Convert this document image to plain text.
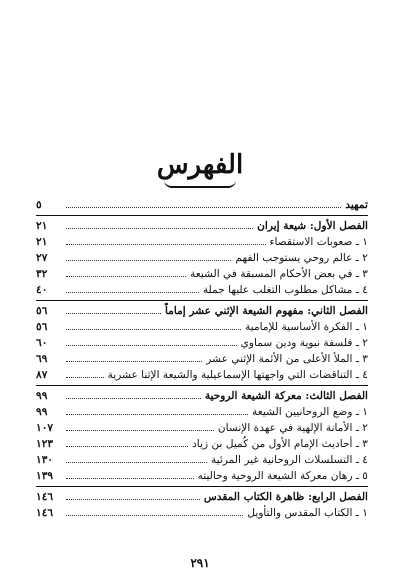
الفهرس
تمهيد
٥
الفصل الأول: شيعة إيران
٢١
١ ـ صعوبات الاستقصاء
٢١
٢ ـ عالم روحي يستوجب الفهم
٢٧
٣ ـ في بعض الأحكام المسبقة في الشيعة
٣٢
٤ ـ مشاكل مطلوب التغلب عليها جملة
٤٠
الفصل الثاني: مفهوم الشيعة الإثني عشر إماماً
٥٦
١ ـ الفكرة الأساسية للإمامية
٥٦
٢ ـ فلسفة نبوية ودين سماوي
٦٠
٣ ـ الملأ الأعلى من الأئمة الإثني عشر
٦٩
٤ ـ التناقضات التي واجهتها الإسماعيلية والشيعة الإثنا عشرية
٨٧
الفصل الثالث: معركة الشيعة الروحية
٩٩
١ ـ وضع الروحانيين الشيعة
٩٩
٢ ـ الأمانة الإلهية في عهدة الإنسان
١٠٧
٣ ـ أحاديث الإمام الأول من كُميل بن زياد
١٢٣
٤ ـ التسلسلات الروحانية غير المرئية
١٣٠
٥ ـ رهان معركة الشيعة الروحية وحاليته
١٣٩
الفصل الرابع: ظاهرة الكتاب المقدس
١٤٦
١ ـ الكتاب المقدس والتأويل
١٤٦
٢٩١
